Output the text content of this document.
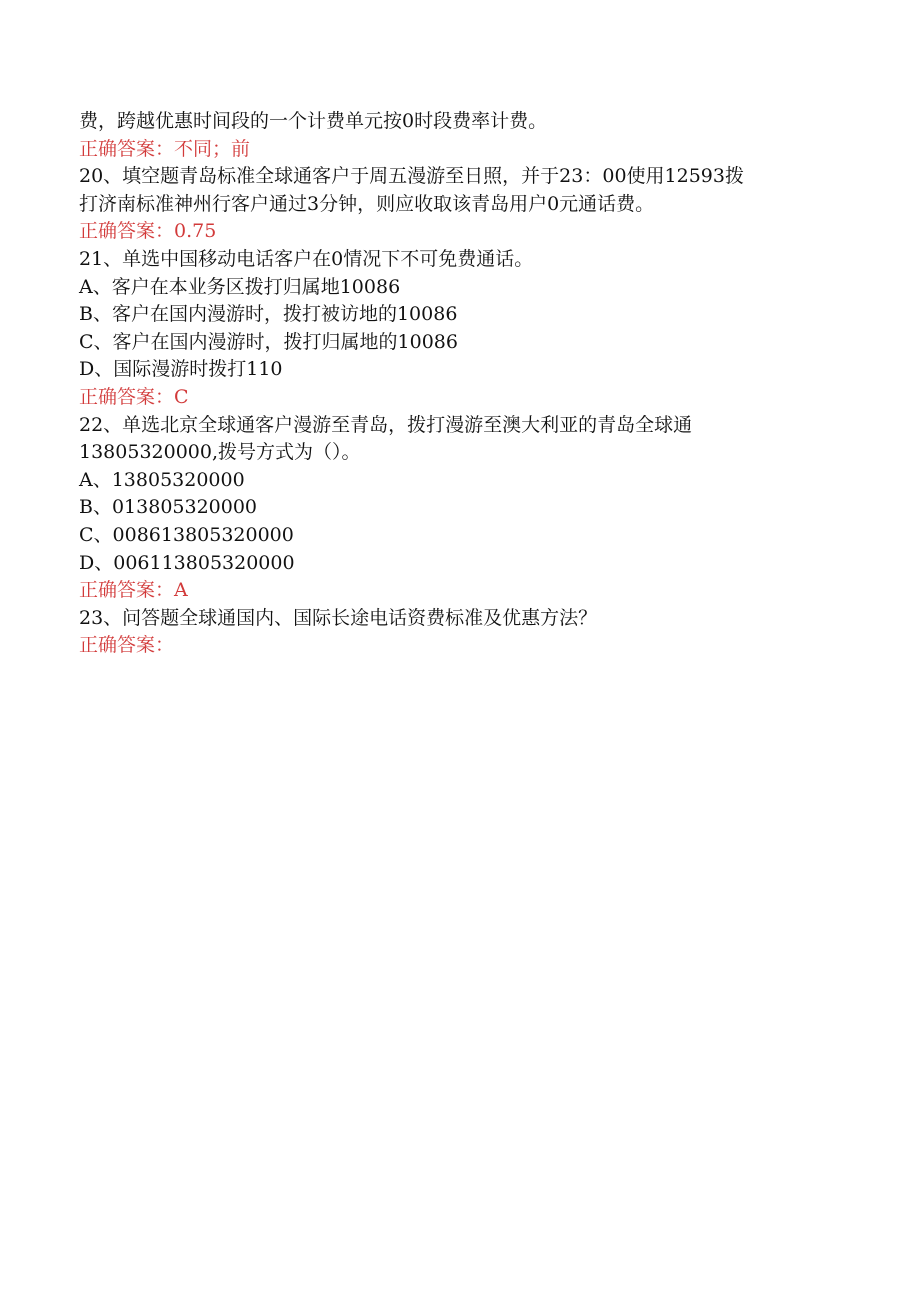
费，跨越优惠时间段的一个计费单元按0时段费率计费。
正确答案：不同；前
20、填空题青岛标准全球通客户于周五漫游至日照，并于23：00使用12593拨
打济南标准神州行客户通过3分钟，则应收取该青岛用户0元通话费。
正确答案：0.75
21、单选中国移动电话客户在0情况下不可免费通话。
A、客户在本业务区拨打归属地10086
B、客户在国内漫游时，拨打被访地的10086
C、客户在国内漫游时，拨打归属地的10086
D、国际漫游时拨打110
正确答案：C
22、单选北京全球通客户漫游至青岛，拨打漫游至澳大利亚的青岛全球通
13805320000,拨号方式为（）。
A、13805320000
B、013805320000
C、008613805320000
D、006113805320000
正确答案：A
23、问答题全球通国内、国际长途电话资费标准及优惠方法？
正确答案：
